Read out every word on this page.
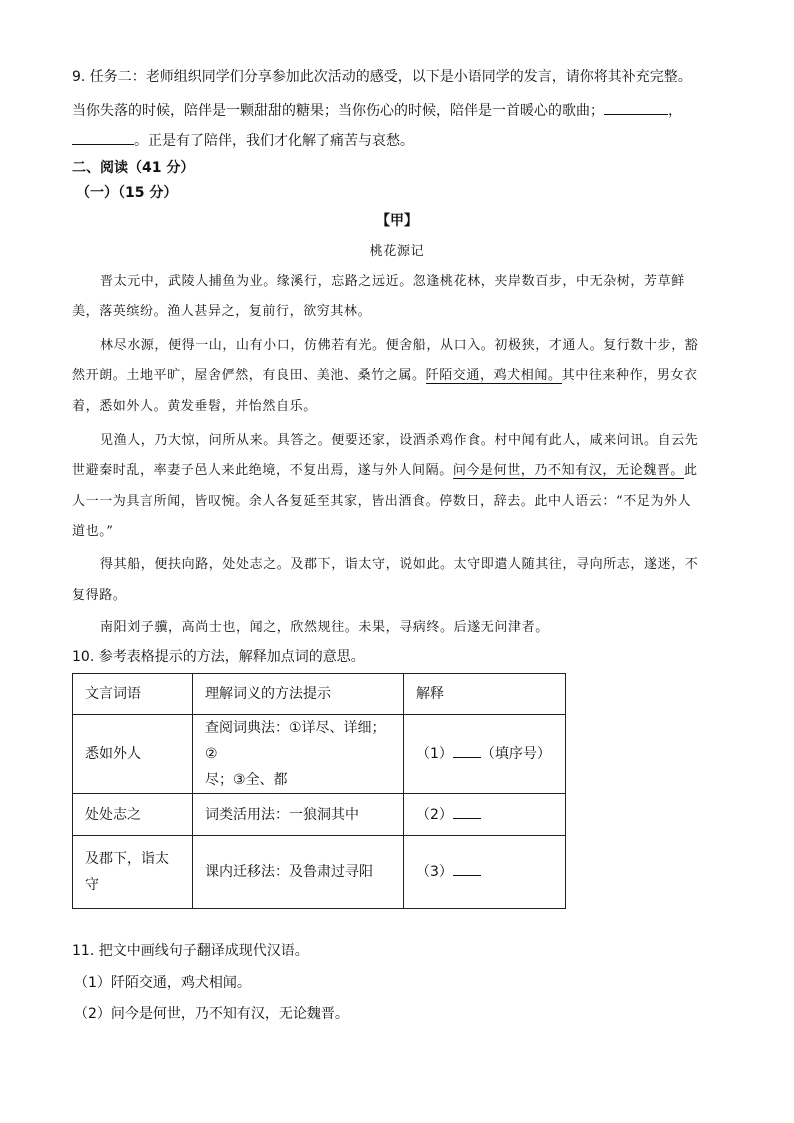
9. 任务二：老师组织同学们分享参加此次活动的感受，以下是小语同学的发言，请你将其补充完整。
当你失落的时候，陪伴是一颗甜甜的糖果；当你伤心的时候，陪伴是一首暖心的歌曲；	，
。正是有了陪伴，我们才化解了痛苦与哀愁。
二、阅读（41 分）
（一）（15 分）
【甲】
桃花源记
晋太元中，武陵人捕鱼为业。缘溪行，忘路之远近。忽逢桃花林，夹岸数百步，中无杂树，芳草鲜
美，落英缤纷。渔人甚异之，复前行，欲穷其林。
林尽水源，便得一山，山有小口，仿佛若有光。便舍船，从口入。初极狭，才通人。复行数十步，豁
然开朗。土地平旷，屋舍俨然，有良田、美池、桑竹之属。阡陌交通，鸡犬相闻。其中往来种作，男女衣
着，悉如外人。黄发垂髫，并怡然自乐。
见渔人，乃大惊，问所从来。具答之。便要还家，设酒杀鸡作食。村中闻有此人，咸来问讯。自云先
世避秦时乱，率妻子邑人来此绝境，不复出焉，遂与外人间隔。问今是何世，乃不知有汉，无论魏晋。此
人一一为具言所闻，皆叹惋。余人各复延至其家，皆出酒食。停数日，辞去。此中人语云：“不足为外人
道也。”
得其船，便扶向路，处处志之。及郡下，诣太守，说如此。太守即遣人随其往，寻向所志，遂迷，不
复得路。
南阳刘子骥，高尚士也，闻之，欣然规往。未果，寻病终。后遂无问津者。
10. 参考表格提示的方法，解释加点词的意思。
文言词语	理解词义的方法提示	解释
悉如外人	查阅词典法：①详尽、详细；②
尽；③全、都	（1） （填序号）
处处志之	词类活用法：一狼洞其中	（2）

及郡下，诣太
守	课内迁移法：及鲁肃过寻阳	（3）
11. 把文中画线句子翻译成现代汉语。
（1）阡陌交通，鸡犬相闻。
（2）问今是何世，乃不知有汉，无论魏晋。
